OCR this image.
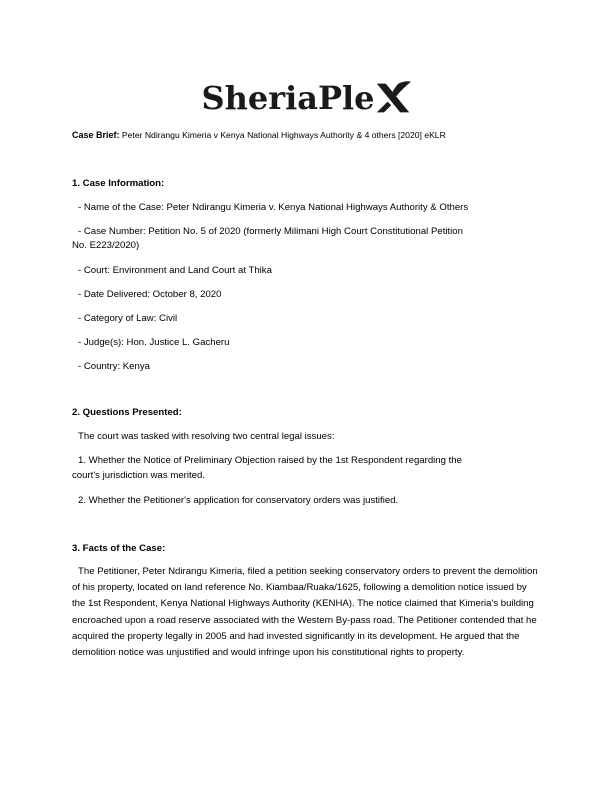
SheriaPle
Case Brief: Peter Ndirangu Kimeria v Kenya National Highways Authority & 4 others [2020] eKLR
1. Case Information:
- Name of the Case: Peter Ndirangu Kimeria v. Kenya National Highways Authority & Others
- Case Number: Petition No. 5 of 2020 (formerly Milimani High Court Constitutional Petition
No. E223/2020)
- Court: Environment and Land Court at Thika
- Date Delivered: October 8, 2020
- Category of Law: Civil
- Judge(s): Hon. Justice L. Gacheru
- Country: Kenya
2. Questions Presented:
The court was tasked with resolving two central legal issues:
1. Whether the Notice of Preliminary Objection raised by the 1st Respondent regarding the
court's jurisdiction was merited.
2. Whether the Petitioner's application for conservatory orders was justified.
3. Facts of the Case:
The Petitioner, Peter Ndirangu Kimeria, filed a petition seeking conservatory orders to prevent the demolition of his property, located on land reference No. Kiambaa/Ruaka/1625, following a demolition notice issued by the 1st Respondent, Kenya National Highways Authority (KENHA). The notice claimed that Kimeria's building encroached upon a road reserve associated with the Western By-pass road. The Petitioner contended that he acquired the property legally in 2005 and had invested significantly in its development. He argued that the demolition notice was unjustified and would infringe upon his constitutional rights to property.
